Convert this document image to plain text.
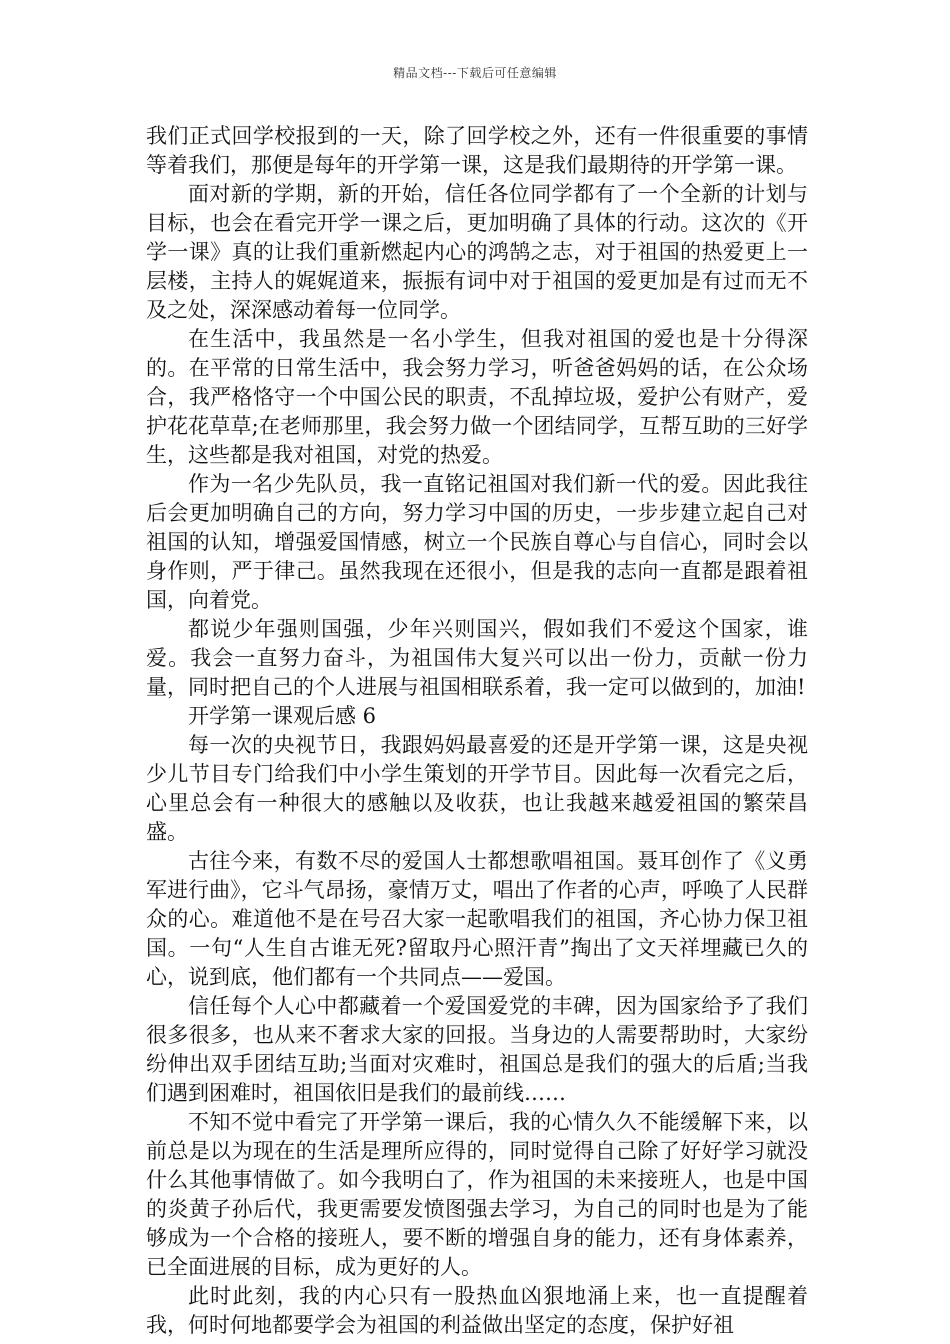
精品文档---下载后可任意编辑

我们正式回学校报到的一天，除了回学校之外，还有一件很重要的事情等着我们，那便是每年的开学第一课，这是我们最期待的开学第一课。

面对新的学期，新的开始，信任各位同学都有了一个全新的计划与目标，也会在看完开学一课之后，更加明确了具体的行动。这次的《开学一课》真的让我们重新燃起内心的鸿鹄之志，对于祖国的热爱更上一层楼，主持人的娓娓道来，振振有词中对于祖国的爱更加是有过而无不及之处，深深感动着每一位同学。

在生活中，我虽然是一名小学生，但我对祖国的爱也是十分得深的。在平常的日常生活中，我会努力学习，听爸爸妈妈的话，在公众场合，我严格恪守一个中国公民的职责，不乱掉垃圾，爱护公有财产，爱护花花草草;在老师那里，我会努力做一个团结同学，互帮互助的三好学生，这些都是我对祖国，对党的热爱。

作为一名少先队员，我一直铭记祖国对我们新一代的爱。因此我往后会更加明确自己的方向，努力学习中国的历史，一步步建立起自己对祖国的认知，增强爱国情感，树立一个民族自尊心与自信心，同时会以身作则，严于律己。虽然我现在还很小，但是我的志向一直都是跟着祖国，向着党。

都说少年强则国强，少年兴则国兴，假如我们不爱这个国家，谁爱。我会一直努力奋斗，为祖国伟大复兴可以出一份力，贡献一份力量，同时把自己的个人进展与祖国相联系着，我一定可以做到的，加油!

开学第一课观后感 6

每一次的央视节日，我跟妈妈最喜爱的还是开学第一课，这是央视少儿节目专门给我们中小学生策划的开学节目。因此每一次看完之后，心里总会有一种很大的感触以及收获，也让我越来越爱祖国的繁荣昌盛。

古往今来，有数不尽的爱国人士都想歌唱祖国。聂耳创作了《义勇军进行曲》，它斗气昂扬，豪情万丈，唱出了作者的心声，呼唤了人民群众的心。难道他不是在号召大家一起歌唱我们的祖国，齐心协力保卫祖国。一句“人生自古谁无死?留取丹心照汗青”掏出了文天祥埋藏已久的心，说到底，他们都有一个共同点——爱国。

信任每个人心中都藏着一个爱国爱党的丰碑，因为国家给予了我们很多很多，也从来不奢求大家的回报。当身边的人需要帮助时，大家纷纷伸出双手团结互助;当面对灾难时，祖国总是我们的强大的后盾;当我们遇到困难时，祖国依旧是我们的最前线……

不知不觉中看完了开学第一课后，我的心情久久不能缓解下来，以前总是以为现在的生活是理所应得的，同时觉得自己除了好好学习就没什么其他事情做了。如今我明白了，作为祖国的未来接班人，也是中国的炎黄子孙后代，我更需要发愤图强去学习，为自己的同时也是为了能够成为一个合格的接班人，要不断的增强自身的能力，还有身体素养，已全面进展的目标，成为更好的人。

此时此刻，我的内心只有一股热血凶狠地涌上来，也一直提醒着我，何时何地都要学会为祖国的利益做出坚定的态度，保护好祖
